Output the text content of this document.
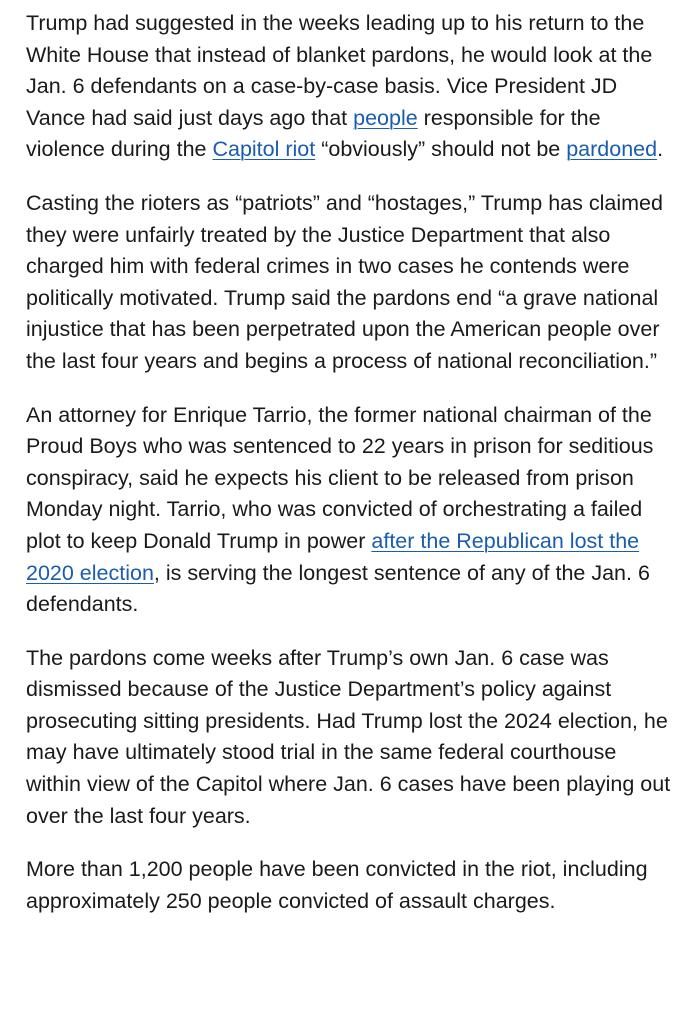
Trump had suggested in the weeks leading up to his return to the White House that instead of blanket pardons, he would look at the Jan. 6 defendants on a case-by-case basis. Vice President JD Vance had said just days ago that people responsible for the violence during the Capitol riot “obviously” should not be pardoned.

Casting the rioters as “patriots” and “hostages,” Trump has claimed they were unfairly treated by the Justice Department that also charged him with federal crimes in two cases he contends were politically motivated. Trump said the pardons end “a grave national injustice that has been perpetrated upon the American people over the last four years and begins a process of national reconciliation.”

An attorney for Enrique Tarrio, the former national chairman of the Proud Boys who was sentenced to 22 years in prison for seditious conspiracy, said he expects his client to be released from prison Monday night. Tarrio, who was convicted of orchestrating a failed plot to keep Donald Trump in power after the Republican lost the 2020 election, is serving the longest sentence of any of the Jan. 6 defendants.

The pardons come weeks after Trump’s own Jan. 6 case was dismissed because of the Justice Department’s policy against prosecuting sitting presidents. Had Trump lost the 2024 election, he may have ultimately stood trial in the same federal courthouse within view of the Capitol where Jan. 6 cases have been playing out over the last four years.

More than 1,200 people have been convicted in the riot, including approximately 250 people convicted of assault charges.
